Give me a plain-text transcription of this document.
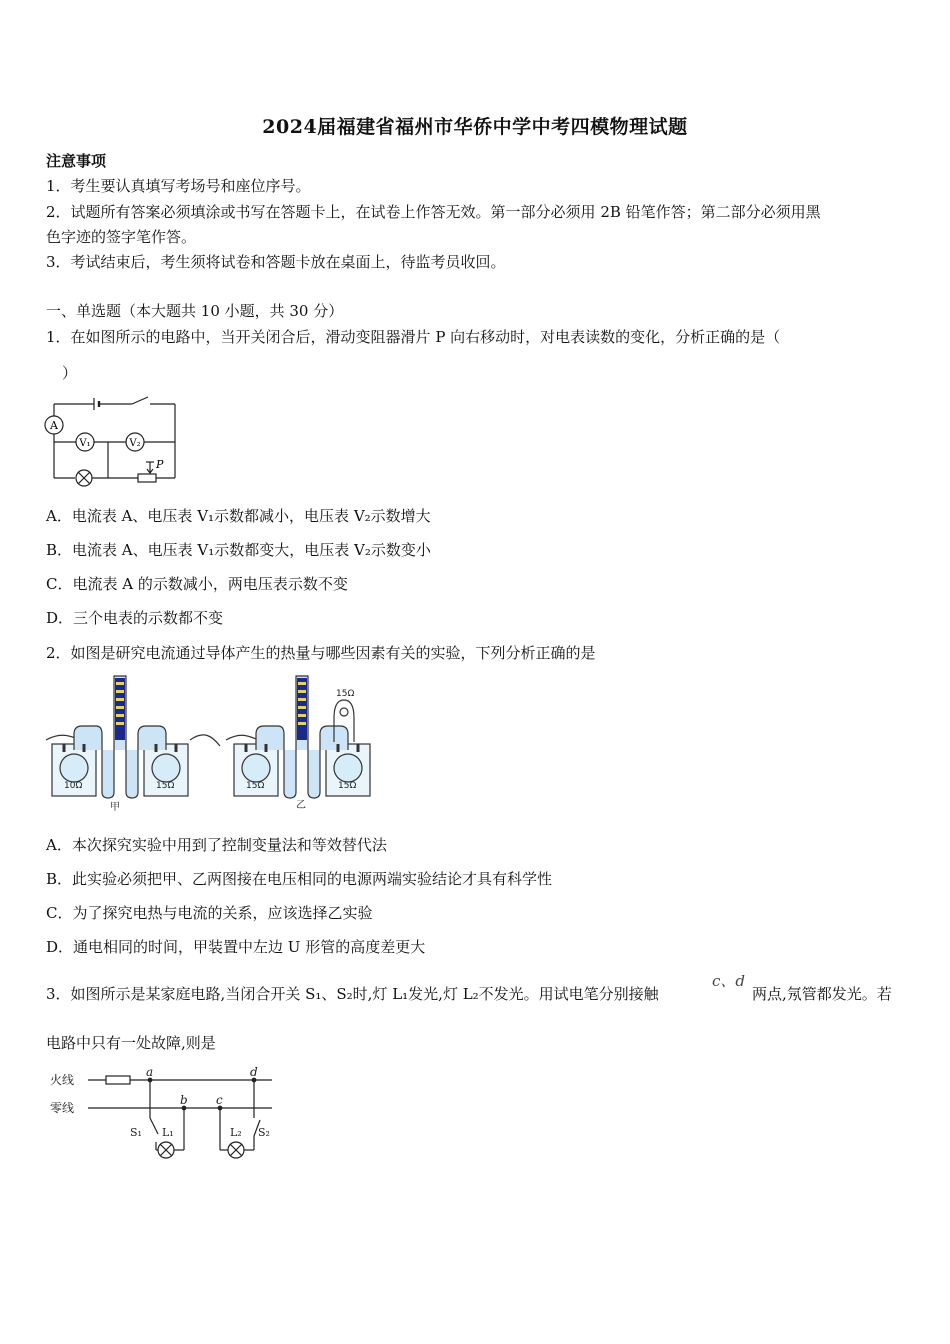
2024届福建省福州市华侨中学中考四模物理试题
注意事项
1．考生要认真填写考场号和座位序号。
2．试题所有答案必须填涂或书写在答题卡上，在试卷上作答无效。第一部分必须用 2B 铅笔作答；第二部分必须用黑
色字迹的签字笔作答。
3．考试结束后，考生须将试卷和答题卡放在桌面上，待监考员收回。
一、单选题（本大题共 10 小题，共 30 分）
1．在如图所示的电路中，当开关闭合后，滑动变阻器滑片 P 向右移动时，对电表读数的变化，分析正确的是（
）
A
V₁	V₂
P
A．电流表 A、电压表 V₁示数都减小，电压表 V₂示数增大
B．电流表 A、电压表 V₁示数都变大，电压表 V₂示数变小
C．电流表 A 的示数减小，两电压表示数不变
D．三个电表的示数都不变
2．如图是研究电流通过导体产生的热量与哪些因素有关的实验，下列分析正确的是
10Ω	15Ω
甲
15Ω	15Ω
15Ω
乙
A．本次探究实验中用到了控制变量法和等效替代法
B．此实验必须把甲、乙两图接在电压相同的电源两端实验结论才具有科学性
C．为了探究电热与电流的关系，应该选择乙实验
D．通电相同的时间，甲装置中左边 U 形管的高度差更大
3．如图所示是某家庭电路,当闭合开关 S₁、S₂时,灯 L₁发光,灯 L₂不发光。用试电笔分别接触
c、d
两点,氖管都发光。若
电路中只有一处故障,则是
火线
零线
a
b c
d
S₁ L₁	L₂ S₂
